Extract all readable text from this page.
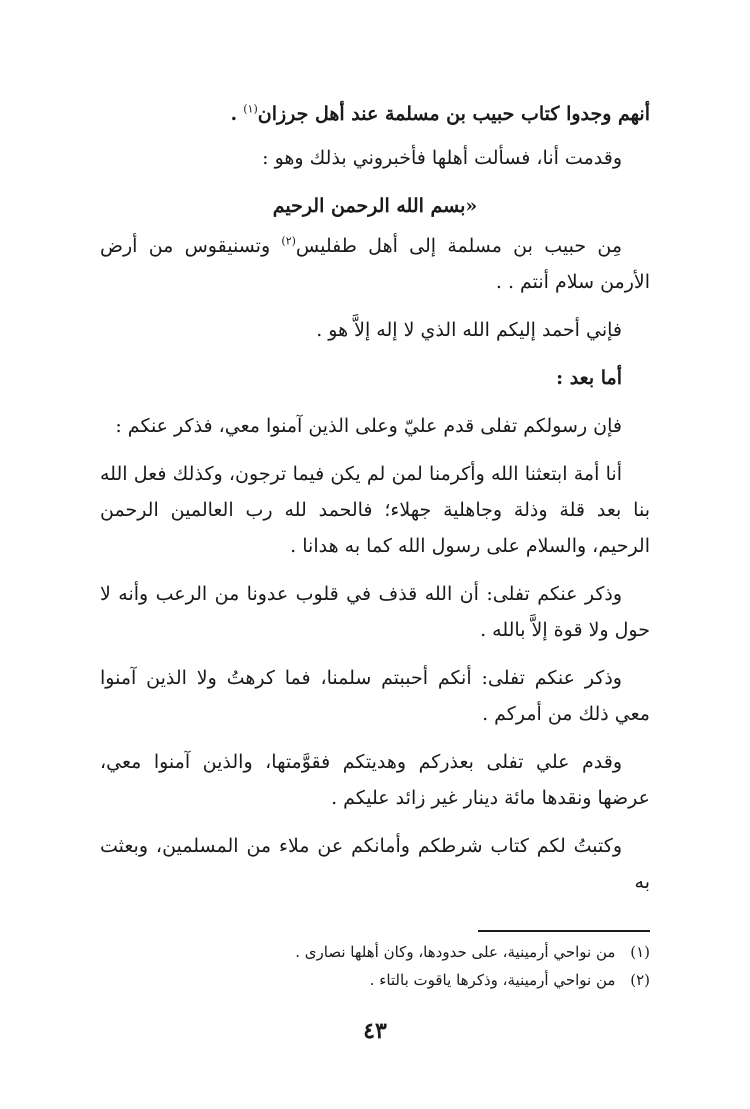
أنهم وجدوا كتاب حبيب بن مسلمة عند أهل جرزان$^{(١)}$ .

وقدمت أنا، فسألت أهلها فأخبروني بذلك وهو :

«بسم الله الرحمن الرحيم

مِن حبيب بن مسلمة إلى أهل طفليس$^{(٢)}$ وتسنيقوس من أرض الأرمن سلام أنتم . .

فإني أحمد إليكم الله الذي لا إله إلاَّ هو .

أما بعد :

فإن رسولكم تفلى قدم عليّ وعلى الذين آمنوا معي، فذكر عنكم :

أنا أمة ابتعثنا الله وأكرمنا لمن لم يكن فيما ترجون، وكذلك فعل الله بنا بعد قلة وذلة وجاهلية جهلاء؛ فالحمد لله رب العالمين الرحمن الرحيم، والسلام على رسول الله كما به هدانا .

وذكر عنكم تفلى: أن الله قذف في قلوب عدونا من الرعب وأنه لا حول ولا قوة إلاَّ بالله .

وذكر عنكم تفلى: أنكم أحببتم سلمنا، فما كرهتُ ولا الذين آمنوا معي ذلك من أمركم .

وقدم علي تفلى بعذركم وهديتكم فقوَّمتها، والذين آمنوا معي، عرضها ونقدها مائة دينار غير زائد عليكم .

وكتبتُ لكم كتاب شرطكم وأمانكم عن ملاء من المسلمين، وبعثت به

(١) من نواحي أرمينية، على حدودها، وكان أهلها نصارى .
(٢) من نواحي أرمينية، وذكرها ياقوت بالتاء .
٤٣
